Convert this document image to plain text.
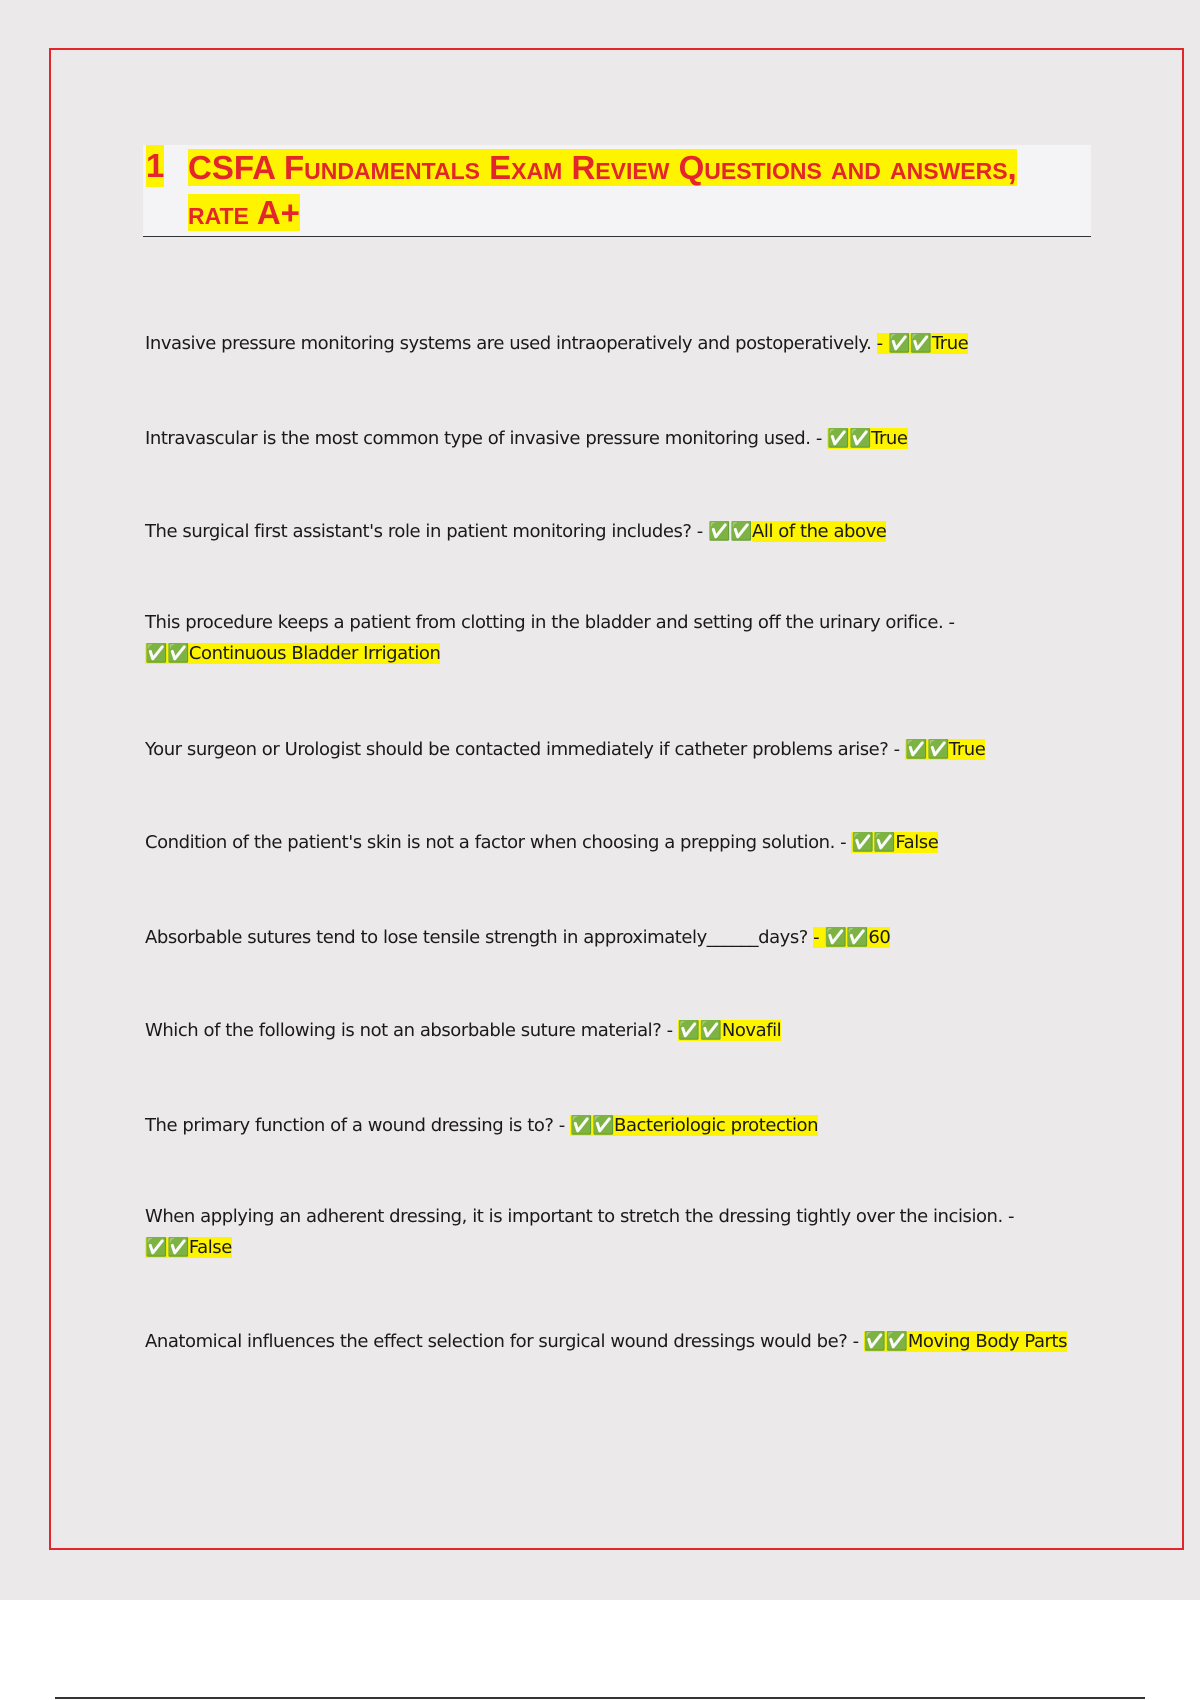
1 CSFA Fundamentals Exam Review Questions and answers, rate A+
Invasive pressure monitoring systems are used intraoperatively and postoperatively. - ✅✅True
Intravascular is the most common type of invasive pressure monitoring used. - ✅✅True
The surgical first assistant's role in patient monitoring includes? - ✅✅All of the above
This procedure keeps a patient from clotting in the bladder and setting off the urinary orifice. - ✅✅Continuous Bladder Irrigation
Your surgeon or Urologist should be contacted immediately if catheter problems arise? - ✅✅True
Condition of the patient's skin is not a factor when choosing a prepping solution. - ✅✅False
Absorbable sutures tend to lose tensile strength in approximately______days? - ✅✅60
Which of the following is not an absorbable suture material? - ✅✅Novafil
The primary function of a wound dressing is to? - ✅✅Bacteriologic protection
When applying an adherent dressing, it is important to stretch the dressing tightly over the incision. - ✅✅False
Anatomical influences the effect selection for surgical wound dressings would be? - ✅✅Moving Body Parts
